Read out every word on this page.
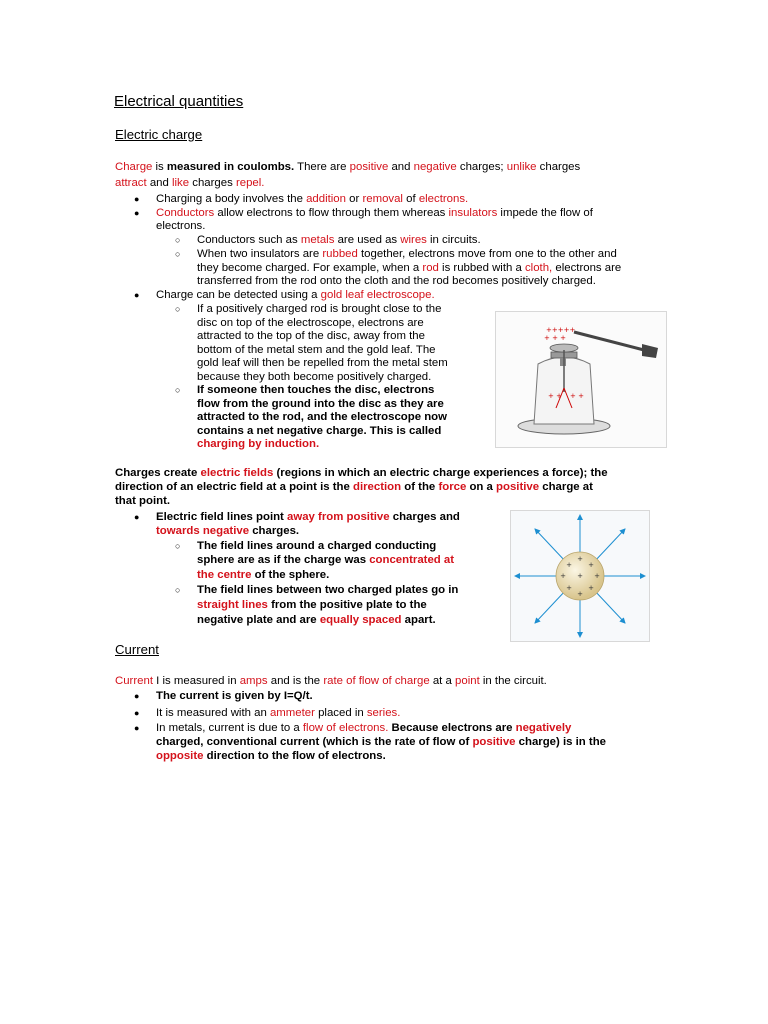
Electrical quantities
Electric charge
Charge is measured in coulombs. There are positive and negative charges; unlike charges
attract and like charges repel.
● Charging a body involves the addition or removal of electrons.
● Conductors allow electrons to flow through them whereas insulators impede the flow of
electrons.
○ Conductors such as metals are used as wires in circuits.
○ When two insulators are rubbed together, electrons move from one to the other and
they become charged. For example, when a rod is rubbed with a cloth, electrons are
transferred from the rod onto the cloth and the rod becomes positively charged.
● Charge can be detected using a gold leaf electroscope.
○ If a positively charged rod is brought close to the
disc on top of the electroscope, electrons are
attracted to the top of the disc, away from the
bottom of the metal stem and the gold leaf. The
gold leaf will then be repelled from the metal stem
because they both become positively charged.
○ If someone then touches the disc, electrons
flow from the ground into the disc as they are
attracted to the rod, and the electroscope now
contains a net negative charge. This is called
charging by induction.
+ + + +
+++++
+ + +
Charges create electric fields (regions in which an electric charge experiences a force); the
direction of an electric field at a point is the direction of the force on a positive charge at
that point.
● Electric field lines point away from positive charges and
towards negative charges.
○ The field lines around a charged conducting
sphere are as if the charge was concentrated at
the centre of the sphere.
○ The field lines between two charged plates go in
straight lines from the positive plate to the
negative plate and are equally spaced apart.
+
+ +
+	+
+ +
+
+
Current
Current I is measured in amps and is the rate of flow of charge at a point in the circuit.
● The current is given by I=Q/t.
● It is measured with an ammeter placed in series.
● In metals, current is due to a flow of electrons. Because electrons are negatively
charged, conventional current (which is the rate of flow of positive charge) is in the
opposite direction to the flow of electrons.
